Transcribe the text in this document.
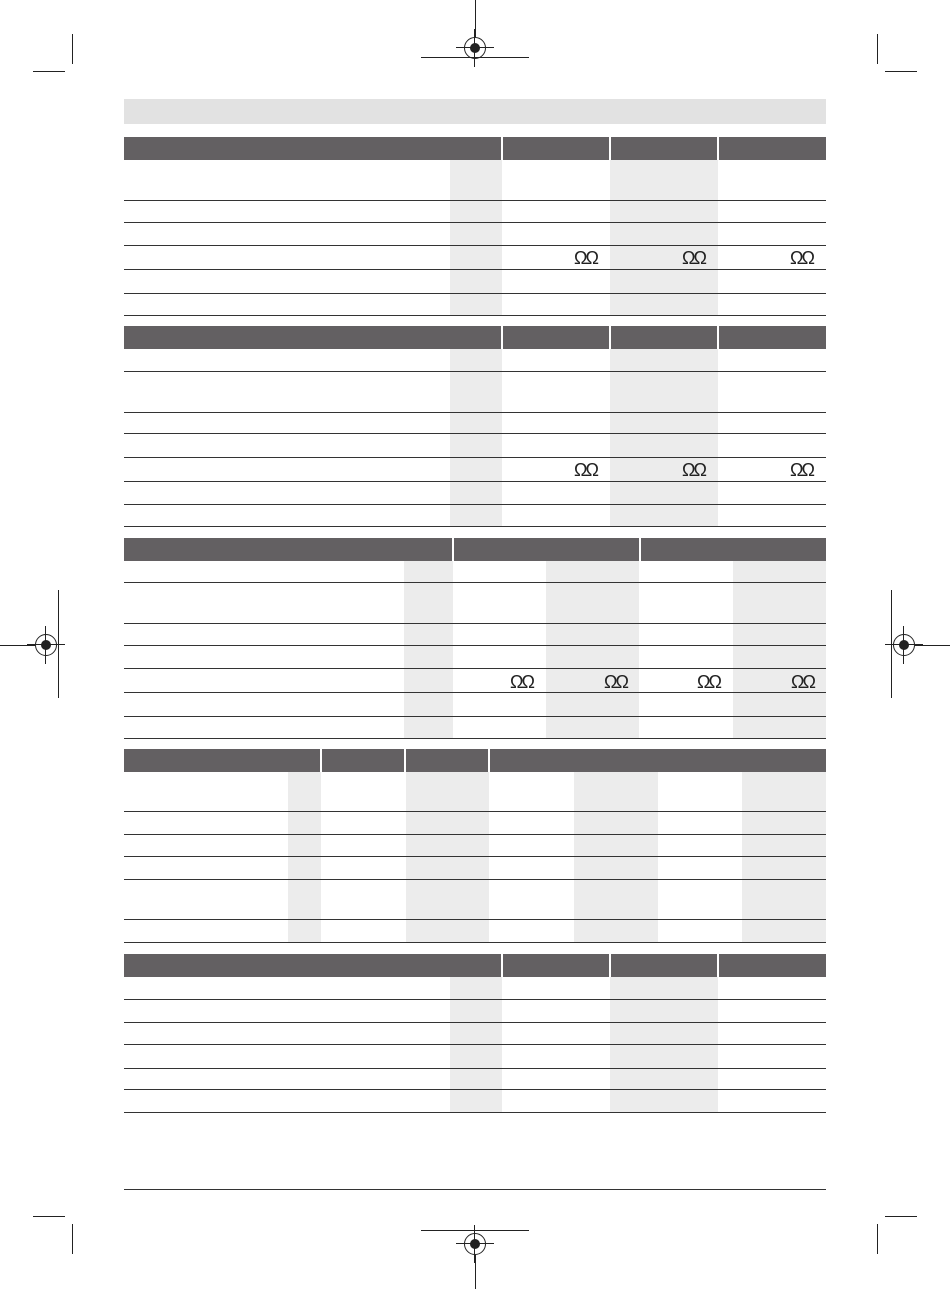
ΩΩ	ΩΩ	ΩΩ
ΩΩ	ΩΩ	ΩΩ
ΩΩ	ΩΩ	ΩΩ	ΩΩ
